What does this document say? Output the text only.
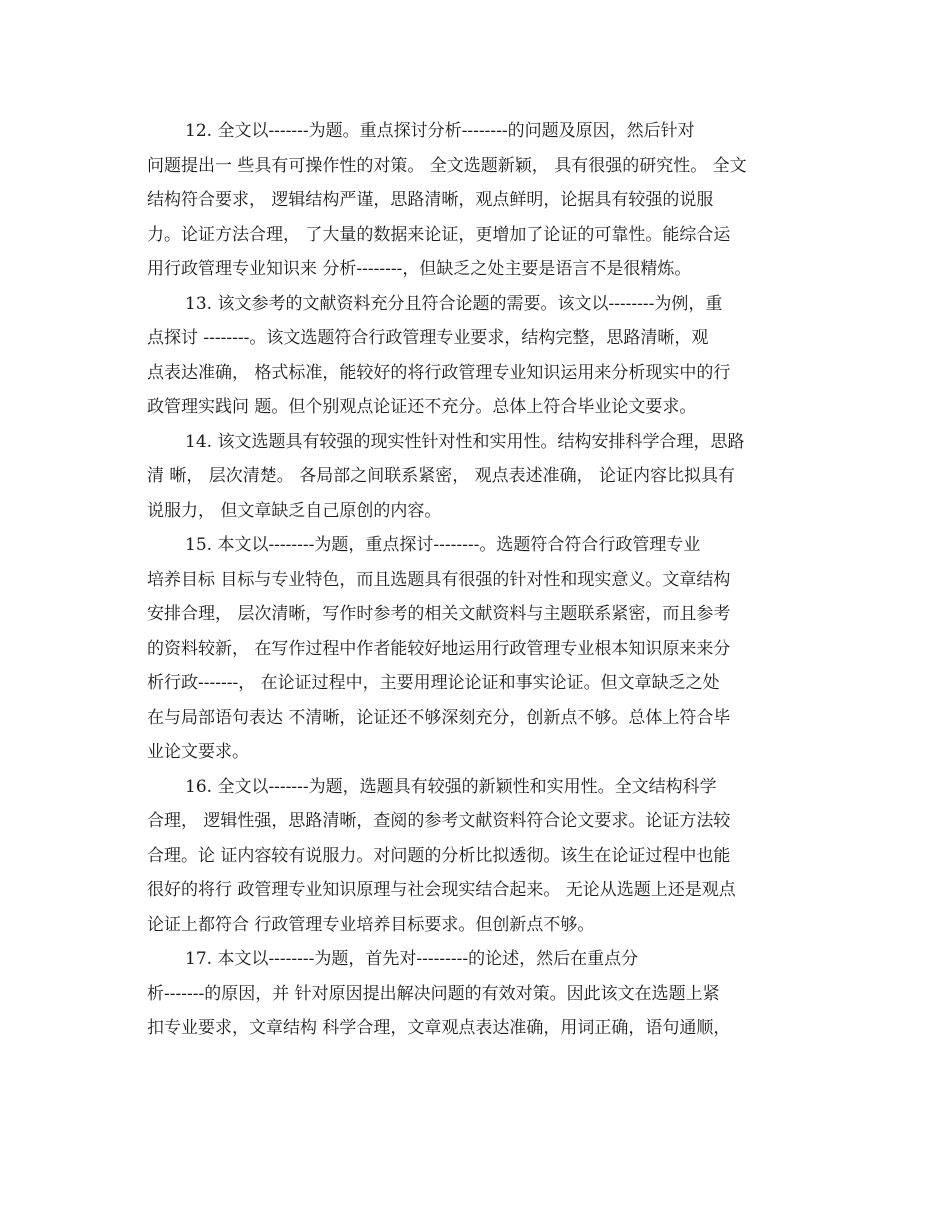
12. 全文以-------为题。重点探讨分析--------的问题及原因，然后针对
问题提出一 些具有可操作性的对策。 全文选题新颖， 具有很强的研究性。 全文
结构符合要求， 逻辑结构严谨，思路清晰，观点鲜明，论据具有较强的说服
力。论证方法合理， 了大量的数据来论证，更增加了论证的可靠性。能综合运
用行政管理专业知识来 分析--------，但缺乏之处主要是语言不是很精炼。
13. 该文参考的文献资料充分且符合论题的需要。该文以--------为例，重
点探讨 --------。该文选题符合行政管理专业要求，结构完整，思路清晰，观
点表达准确， 格式标准，能较好的将行政管理专业知识运用来分析现实中的行
政管理实践问 题。但个别观点论证还不充分。总体上符合毕业论文要求。
14. 该文选题具有较强的现实性针对性和实用性。结构安排科学合理，思路
清 晰， 层次清楚。 各局部之间联系紧密， 观点表述准确， 论证内容比拟具有
说服力， 但文章缺乏自己原创的内容。
15. 本文以--------为题，重点探讨--------。选题符合符合行政管理专业
培养目标 目标与专业特色，而且选题具有很强的针对性和现实意义。文章结构
安排合理， 层次清晰，写作时参考的相关文献资料与主题联系紧密，而且参考
的资料较新， 在写作过程中作者能较好地运用行政管理专业根本知识原来来分
析行政-------， 在论证过程中，主要用理论论证和事实论证。但文章缺乏之处
在与局部语句表达 不清晰，论证还不够深刻充分，创新点不够。总体上符合毕
业论文要求。
16. 全文以-------为题，选题具有较强的新颖性和实用性。全文结构科学
合理， 逻辑性强，思路清晰，查阅的参考文献资料符合论文要求。论证方法较
合理。论 证内容较有说服力。对问题的分析比拟透彻。该生在论证过程中也能
很好的将行 政管理专业知识原理与社会现实结合起来。 无论从选题上还是观点
论证上都符合 行政管理专业培养目标要求。但创新点不够。
17. 本文以--------为题，首先对---------的论述，然后在重点分
析-------的原因，并 针对原因提出解决问题的有效对策。因此该文在选题上紧
扣专业要求，文章结构 科学合理，文章观点表达准确，用词正确，语句通顺，
